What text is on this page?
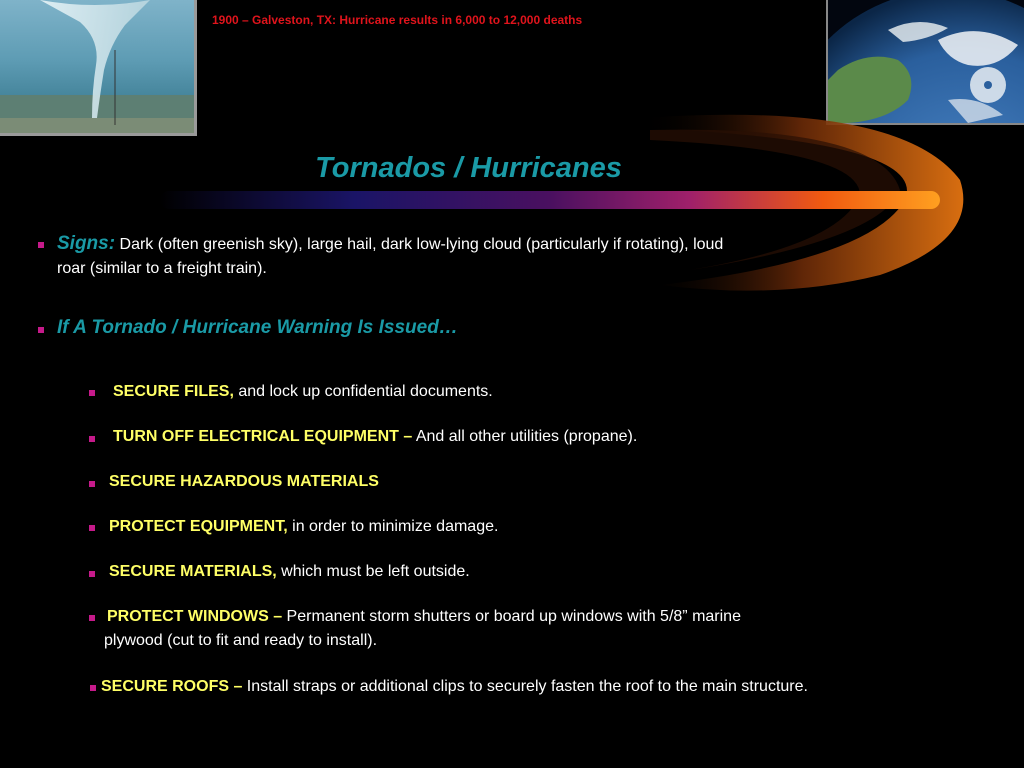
1900 – Galveston, TX: Hurricane results in 6,000 to 12,000 deaths
Tornados / Hurricanes
Signs: Dark (often greenish sky), large hail, dark low-lying cloud (particularly if rotating), loud
roar (similar to a freight train).
If A Tornado / Hurricane Warning Is Issued…
SECURE FILES, and lock up confidential documents.
TURN OFF ELECTRICAL EQUIPMENT – And all other utilities (propane).
SECURE HAZARDOUS MATERIALS
PROTECT EQUIPMENT, in order to minimize damage.
SECURE MATERIALS, which must be left outside.
PROTECT WINDOWS – Permanent storm shutters or board up windows with 5/8” marine
plywood (cut to fit and ready to install).
SECURE ROOFS – Install straps or additional clips to securely fasten the roof to the main structure.
